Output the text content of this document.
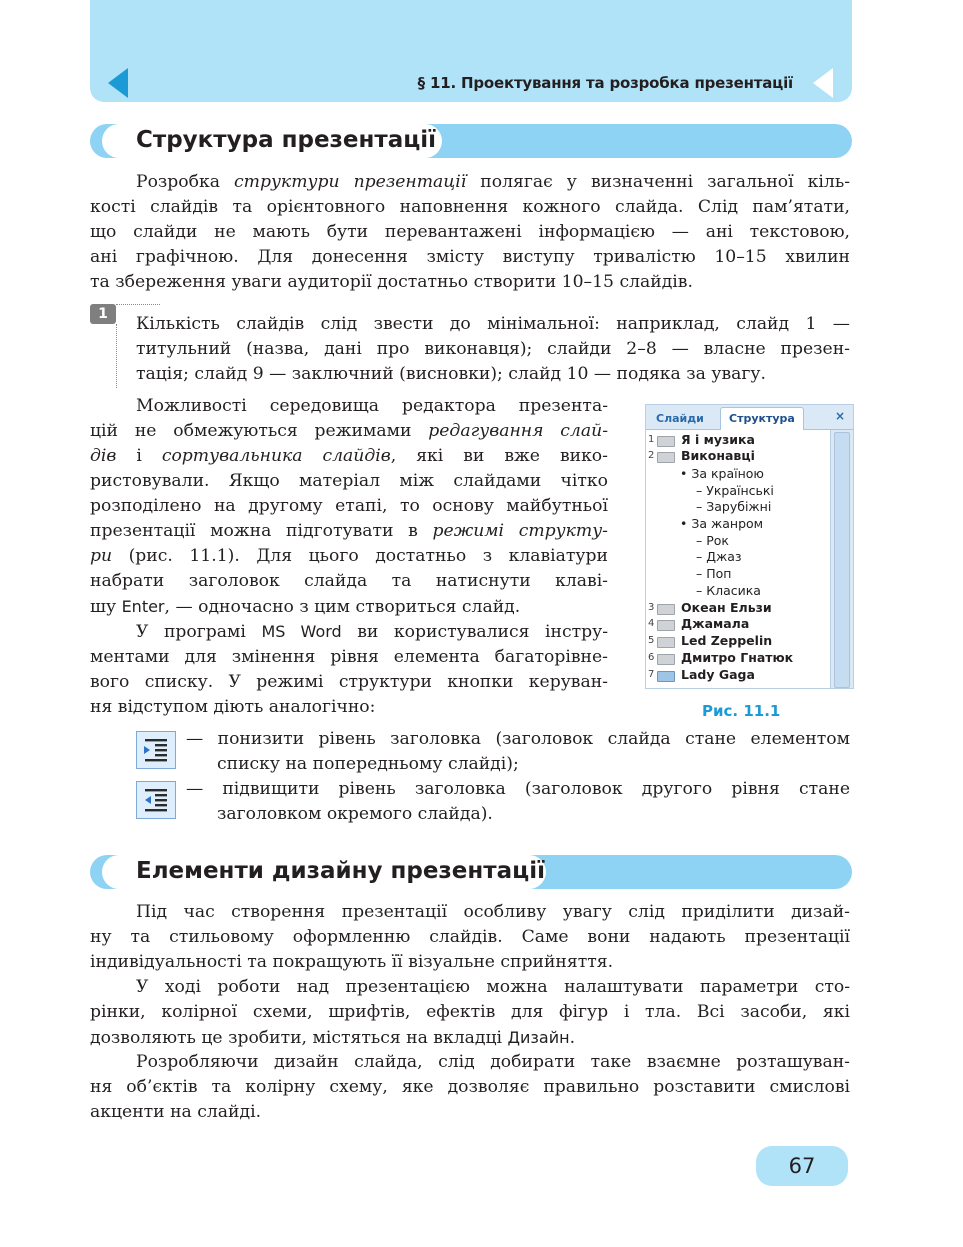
§ 11. Проектування та розробка презентації
Структура презентації
Розробка структури презентації полягає у визначенні загальної кіль-
кості слайдів та орієнтовного наповнення кожного слайда. Слід пам’ятати,
що слайди не мають бути перевантажені інформацією — ані текстовою,
ані графічною. Для донесення змісту виступу тривалістю 10–15 хвилин
та збереження уваги аудиторії достатньо створити 10–15 слайдів.
1	Кількість слайдів слід звести до мінімальної: наприклад, слайд 1 —
титульний (назва, дані про виконавця); слайди 2–8 — власне презен-
тація; слайд 9 — заключний (висновки); слайд 10 — подяка за увагу.
Можливості середовища редактора презента-
цій не обмежуються режимами редагування слай-
дів і сортувальника слайдів, які ви вже вико-
ристовували. Якщо матеріал між слайдами чітко
розподілено на другому етапі, то основу майбутньої
презентації можна підготувати в режимі структу-
ри (рис. 11.1). Для цього достатньо з клавіатури
набрати заголовок слайда та натиснути клаві-
шу Enter, — одночасно з цим створиться слайд.
У програмі MS Word ви користувалися інстру-
ментами для змінення рівня елемента багаторівне-
вого списку. У режимі структури кнопки керуван-
ня відступом діють аналогічно:
Слайди	Структура	×
1 Я і музика
2 Виконавці
• За країною
– Українські
– Зарубіжні
• За жанром
– Рок
– Джаз
– Поп
– Класика
3 Океан Ельзи
4 Джамала
5 Led Zeppelin
6 Дмитро Гнатюк
7 Lady Gaga
Рис. 11.1
— понизити рівень заголовка (заголовок слайда стане елементом
списку на попередньому слайді);
— підвищити рівень заголовка (заголовок другого рівня стане
заголовком окремого слайда).
Елементи дизайну презентації
Під час створення презентації особливу увагу слід приділити дизай-
ну та стильовому оформленню слайдів. Саме вони надають презентації
індивідуальності та покращують її візуальне сприйняття.
У ході роботи над презентацією можна налаштувати параметри сто-
рінки, колірної схеми, шрифтів, ефектів для фігур і тла. Всі засоби, які
дозволяють це зробити, містяться на вкладці Дизайн.
Розробляючи дизайн слайда, слід добирати таке взаємне розташуван-
ня об’єктів та колірну схему, яке дозволяє правильно розставити смислові
акценти на слайді.
67
